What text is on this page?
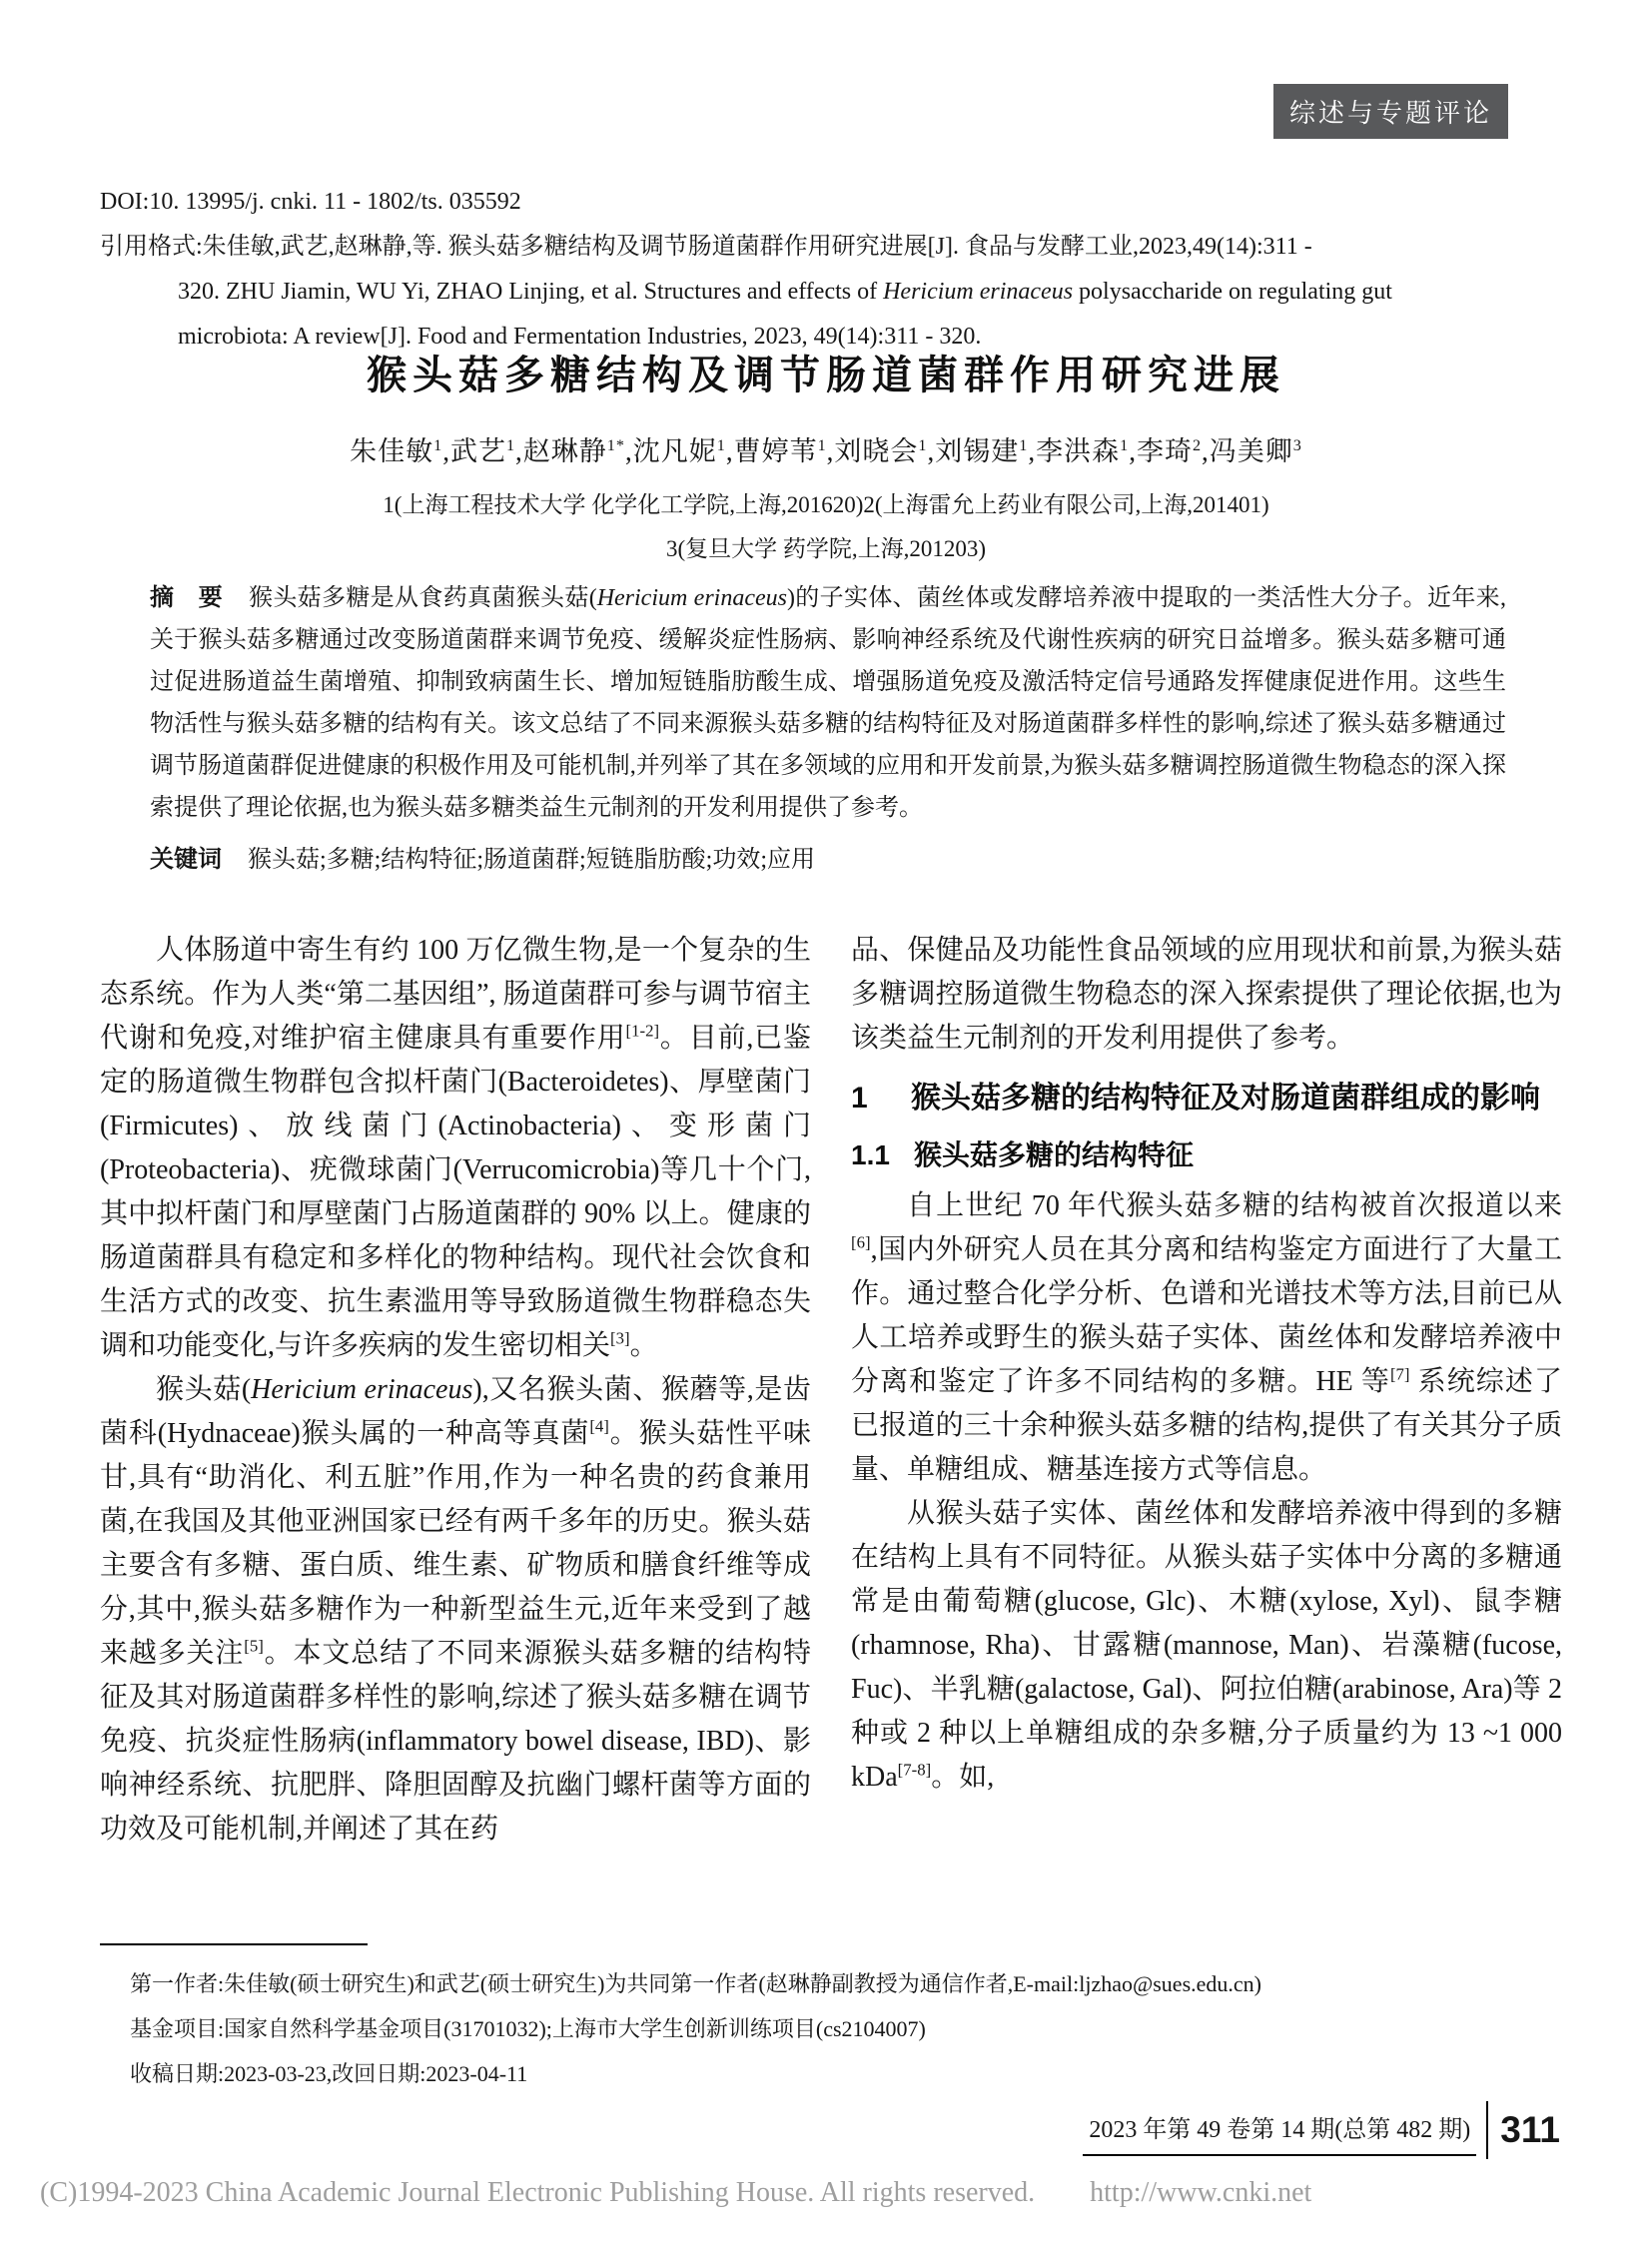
综述与专题评论
DOI:10. 13995/j. cnki. 11 - 1802/ts. 035592
引用格式:朱佳敏,武艺,赵琳静,等. 猴头菇多糖结构及调节肠道菌群作用研究进展[J]. 食品与发酵工业,2023,49(14):311 -
320. ZHU Jiamin, WU Yi, ZHAO Linjing, et al. Structures and effects of Hericium erinaceus polysaccharide on regulating gut
microbiota: A review[J]. Food and Fermentation Industries, 2023, 49(14):311 - 320.
猴头菇多糖结构及调节肠道菌群作用研究进展
朱佳敏$^1$,武艺$^1$,赵琳静$^{1*}$,沈凡妮$^1$,曹婷苇$^1$,刘晓会$^1$,刘锡建$^1$,李洪森$^1$,李琦$^2$,冯美卿$^3$
1(上海工程技术大学 化学化工学院,上海,201620)2(上海雷允上药业有限公司,上海,201401)
3(复旦大学 药学院,上海,201203)
摘　要 猴头菇多糖是从食药真菌猴头菇(Hericium erinaceus)的子实体、菌丝体或发酵培养液中提取的一类活性大分子。近年来,关于猴头菇多糖通过改变肠道菌群来调节免疫、缓解炎症性肠病、影响神经系统及代谢性疾病的研究日益增多。猴头菇多糖可通过促进肠道益生菌增殖、抑制致病菌生长、增加短链脂肪酸生成、增强肠道免疫及激活特定信号通路发挥健康促进作用。这些生物活性与猴头菇多糖的结构有关。该文总结了不同来源猴头菇多糖的结构特征及对肠道菌群多样性的影响,综述了猴头菇多糖通过调节肠道菌群促进健康的积极作用及可能机制,并列举了其在多领域的应用和开发前景,为猴头菇多糖调控肠道微生物稳态的深入探索提供了理论依据,也为猴头菇多糖类益生元制剂的开发利用提供了参考。
关键词 猴头菇;多糖;结构特征;肠道菌群;短链脂肪酸;功效;应用

人体肠道中寄生有约 100 万亿微生物,是一个复杂的生态系统。作为人类“第二基因组”, 肠道菌群可参与调节宿主代谢和免疫,对维护宿主健康具有重要作用[1-2]。目前,已鉴定的肠道微生物群包含拟杆菌门(Bacteroidetes)、厚壁菌门(Firmicutes)、放线菌门(Actinobacteria)、变形菌门(Proteobacteria)、疣微球菌门(Verrucomicrobia)等几十个门,其中拟杆菌门和厚壁菌门占肠道菌群的 90% 以上。健康的肠道菌群具有稳定和多样化的物种结构。现代社会饮食和生活方式的改变、抗生素滥用等导致肠道微生物群稳态失调和功能变化,与许多疾病的发生密切相关[3]。

猴头菇(Hericium erinaceus),又名猴头菌、猴蘑等,是齿菌科(Hydnaceae)猴头属的一种高等真菌[4]。猴头菇性平味甘,具有“助消化、利五脏”作用,作为一种名贵的药食兼用菌,在我国及其他亚洲国家已经有两千多年的历史。猴头菇主要含有多糖、蛋白质、维生素、矿物质和膳食纤维等成分,其中,猴头菇多糖作为一种新型益生元,近年来受到了越来越多关注[5]。本文总结了不同来源猴头菇多糖的结构特征及其对肠道菌群多样性的影响,综述了猴头菇多糖在调节免疫、抗炎症性肠病(inflammatory bowel disease, IBD)、影响神经系统、抗肥胖、降胆固醇及抗幽门螺杆菌等方面的功效及可能机制,并阐述了其在药

品、保健品及功能性食品领域的应用现状和前景,为猴头菇多糖调控肠道微生物稳态的深入探索提供了理论依据,也为该类益生元制剂的开发利用提供了参考。

1 猴头菇多糖的结构特征及对肠道菌群组成的影响
1.1 猴头菇多糖的结构特征

自上世纪 70 年代猴头菇多糖的结构被首次报道以来[6],国内外研究人员在其分离和结构鉴定方面进行了大量工作。通过整合化学分析、色谱和光谱技术等方法,目前已从人工培养或野生的猴头菇子实体、菌丝体和发酵培养液中分离和鉴定了许多不同结构的多糖。HE 等[7] 系统综述了已报道的三十余种猴头菇多糖的结构,提供了有关其分子质量、单糖组成、糖基连接方式等信息。

从猴头菇子实体、菌丝体和发酵培养液中得到的多糖在结构上具有不同特征。从猴头菇子实体中分离的多糖通常是由葡萄糖(glucose, Glc)、木糖(xylose, Xyl)、鼠李糖(rhamnose, Rha)、甘露糖(mannose, Man)、岩藻糖(fucose, Fuc)、半乳糖(galactose, Gal)、阿拉伯糖(arabinose, Ara)等 2 种或 2 种以上单糖组成的杂多糖,分子质量约为 13 ~1 000 kDa[7-8]。如,

第一作者:朱佳敏(硕士研究生)和武艺(硕士研究生)为共同第一作者(赵琳静副教授为通信作者,E-mail:ljzhao@sues.edu.cn)
基金项目:国家自然科学基金项目(31701032);上海市大学生创新训练项目(cs2104007)
收稿日期:2023-03-23,改回日期:2023-04-11
2023 年第 49 卷第 14 期(总第 482 期) 311
(C)1994-2023 China Academic Journal Electronic Publishing House. All rights reserved. http://www.cnki.net
